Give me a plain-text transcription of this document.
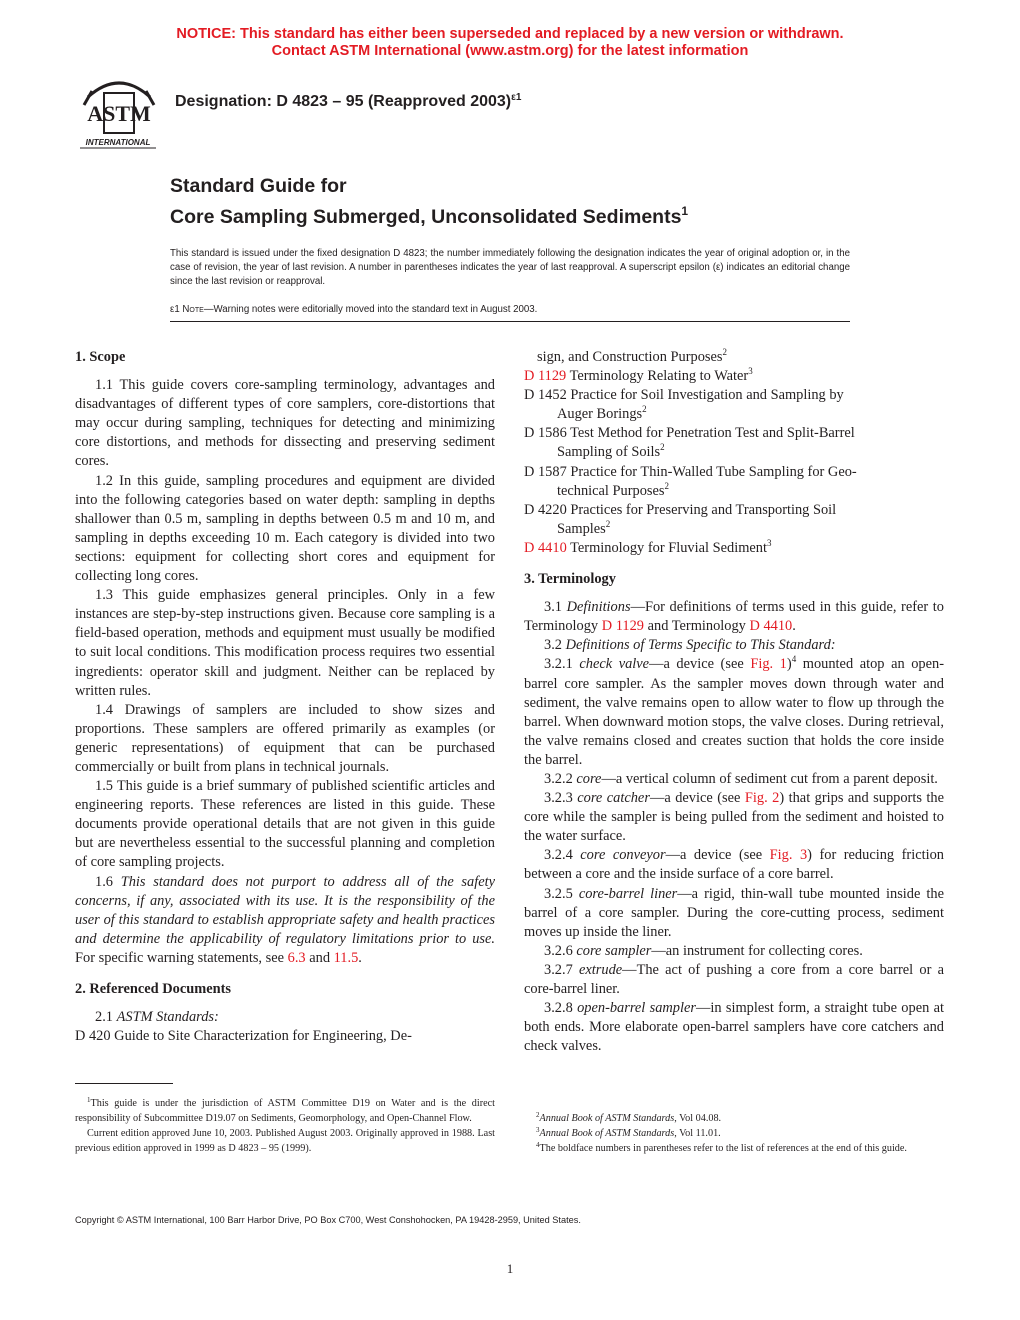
NOTICE: This standard has either been superseded and replaced by a new version or withdrawn.
Contact ASTM International (www.astm.org) for the latest information
ASTM
INTERNATIONAL
Designation: D 4823 – 95 (Reapproved 2003)$^{\varepsilon 1}$
Standard Guide for
Core Sampling Submerged, Unconsolidated Sediments$^1$
This standard is issued under the fixed designation D 4823; the number immediately following the designation indicates the year of original adoption or, in the case of revision, the year of last revision. A number in parentheses indicates the year of last reapproval. A superscript epsilon (ε) indicates an editorial change since the last revision or reapproval.
ε1 Note—Warning notes were editorially moved into the standard text in August 2003.
1. Scope

1.1 This guide covers core-sampling terminology, advantages and disadvantages of different types of core samplers, core-distortions that may occur during sampling, techniques for detecting and minimizing core distortions, and methods for dissecting and preserving sediment cores.

1.2 In this guide, sampling procedures and equipment are divided into the following categories based on water depth: sampling in depths shallower than 0.5 m, sampling in depths between 0.5 m and 10 m, and sampling in depths exceeding 10 m. Each category is divided into two sections: equipment for collecting short cores and equipment for collecting long cores.

1.3 This guide emphasizes general principles. Only in a few instances are step-by-step instructions given. Because core sampling is a field-based operation, methods and equipment must usually be modified to suit local conditions. This modification process requires two essential ingredients: operator skill and judgment. Neither can be replaced by written rules.

1.4 Drawings of samplers are included to show sizes and proportions. These samplers are offered primarily as examples (or generic representations) of equipment that can be purchased commercially or built from plans in technical journals.

1.5 This guide is a brief summary of published scientific articles and engineering reports. These references are listed in this guide. These documents provide operational details that are not given in this guide but are nevertheless essential to the successful planning and completion of core sampling projects.

1.6 This standard does not purport to address all of the safety concerns, if any, associated with its use. It is the responsibility of the user of this standard to establish appropriate safety and health practices and determine the applicability of regulatory limitations prior to use. For specific warning statements, see 6.3 and 11.5.

2. Referenced Documents

2.1 ASTM Standards:

D 420 Guide to Site Characterization for Engineering, De-

$^1$This guide is under the jurisdiction of ASTM Committee D19 on Water and is the direct responsibility of Subcommittee D19.07 on Sediments, Geomorphology, and Open-Channel Flow.

Current edition approved June 10, 2003. Published August 2003. Originally approved in 1988. Last previous edition approved in 1999 as D 4823 – 95 (1999).

sign, and Construction Purposes$^2$

D 1129 Terminology Relating to Water$^3$

D 1452 Practice for Soil Investigation and Sampling by

Auger Borings$^2$

D 1586 Test Method for Penetration Test and Split-Barrel

Sampling of Soils$^2$

D 1587 Practice for Thin-Walled Tube Sampling for Geo-

technical Purposes$^2$

D 4220 Practices for Preserving and Transporting Soil

Samples$^2$

D 4410 Terminology for Fluvial Sediment$^3$

3. Terminology

3.1 Definitions—For definitions of terms used in this guide, refer to Terminology D 1129 and Terminology D 4410.

3.2 Definitions of Terms Specific to This Standard:

3.2.1 check valve—a device (see Fig. 1)$^4$ mounted atop an open-barrel core sampler. As the sampler moves down through water and sediment, the valve remains open to allow water to flow up through the barrel. When downward motion stops, the valve closes. During retrieval, the valve remains closed and creates suction that holds the core inside the barrel.

3.2.2 core—a vertical column of sediment cut from a parent deposit.

3.2.3 core catcher—a device (see Fig. 2) that grips and supports the core while the sampler is being pulled from the sediment and hoisted to the water surface.

3.2.4 core conveyor—a device (see Fig. 3) for reducing friction between a core and the inside surface of a core barrel.

3.2.5 core-barrel liner—a rigid, thin-wall tube mounted inside the barrel of a core sampler. During the core-cutting process, sediment moves up inside the liner.

3.2.6 core sampler—an instrument for collecting cores.

3.2.7 extrude—The act of pushing a core from a core barrel or a core-barrel liner.

3.2.8 open-barrel sampler—in simplest form, a straight tube open at both ends. More elaborate open-barrel samplers have core catchers and check valves.

$^2$Annual Book of ASTM Standards, Vol 04.08.

$^3$Annual Book of ASTM Standards, Vol 11.01.

$^4$The boldface numbers in parentheses refer to the list of references at the end of this guide.

Copyright © ASTM International, 100 Barr Harbor Drive, PO Box C700, West Conshohocken, PA 19428-2959, United States.
1
